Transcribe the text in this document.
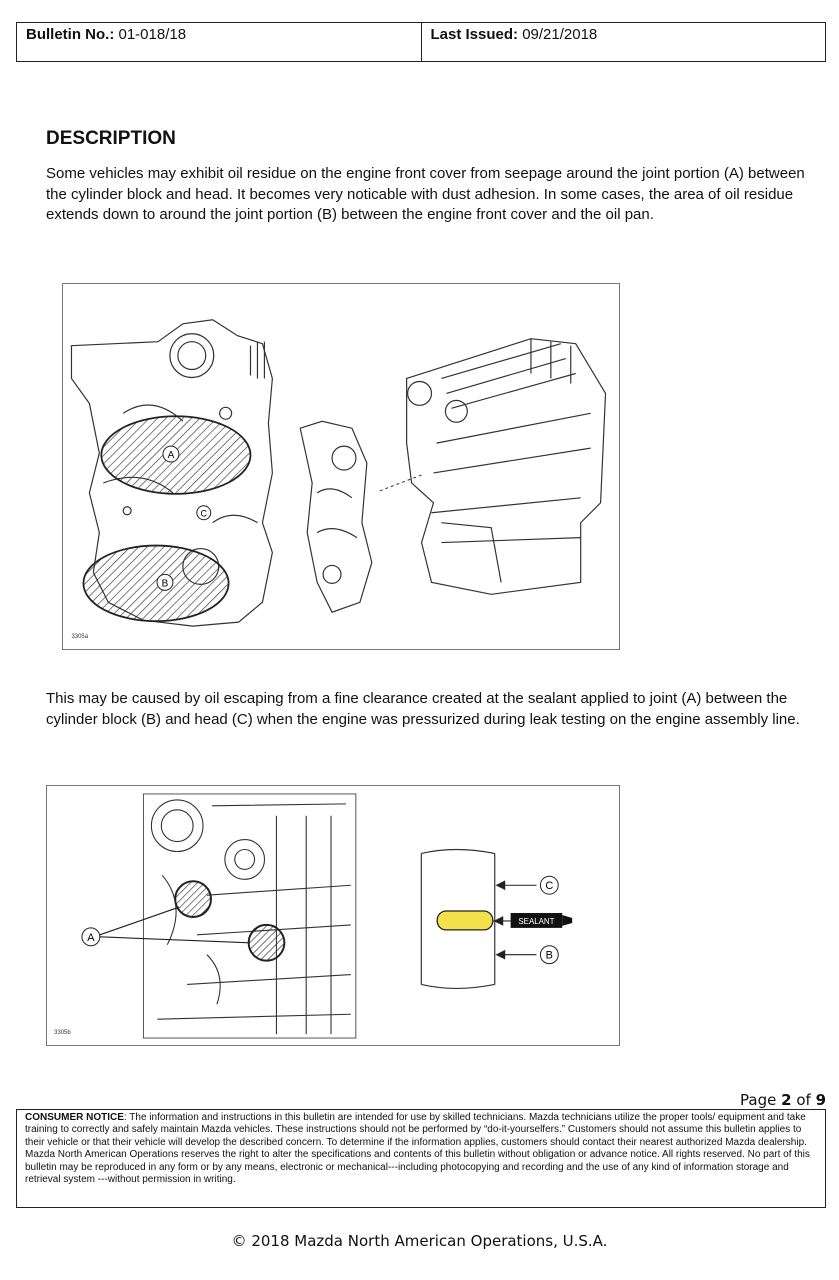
Bulletin No.: 01-018/18	Last Issued: 09/21/2018
DESCRIPTION

Some vehicles may exhibit oil residue on the engine front cover from seepage around the joint portion (A) between the cylinder block and head. It becomes very noticable with dust adhesion. In some cases, the area of oil residue extends down to around the joint portion (B) between the engine front cover and the oil pan.

A
B
C
3305a

This may be caused by oil escaping from a fine clearance created at the sealant applied to joint (A) between the cylinder block (B) and head (C) when the engine was pressurized during leak testing on the engine assembly line.

A
SEALANT
C
B
3305b
Page 2 of 9
CONSUMER NOTICE: The information and instructions in this bulletin are intended for use by skilled technicians. Mazda technicians utilize the proper tools/ equipment and take training to correctly and safely maintain Mazda vehicles. These instructions should not be performed by “do-it-yourselfers.” Customers should not assume this bulletin applies to their vehicle or that their vehicle will develop the described concern. To determine if the information applies, customers should contact their nearest authorized Mazda dealership. Mazda North American Operations reserves the right to alter the specifications and contents of this bulletin without obligation or advance notice. All rights reserved. No part of this bulletin may be reproduced in any form or by any means, electronic or mechanical---including photocopying and recording and the use of any kind of information storage and retrieval system ---without permission in writing.
© 2018 Mazda North American Operations, U.S.A.
